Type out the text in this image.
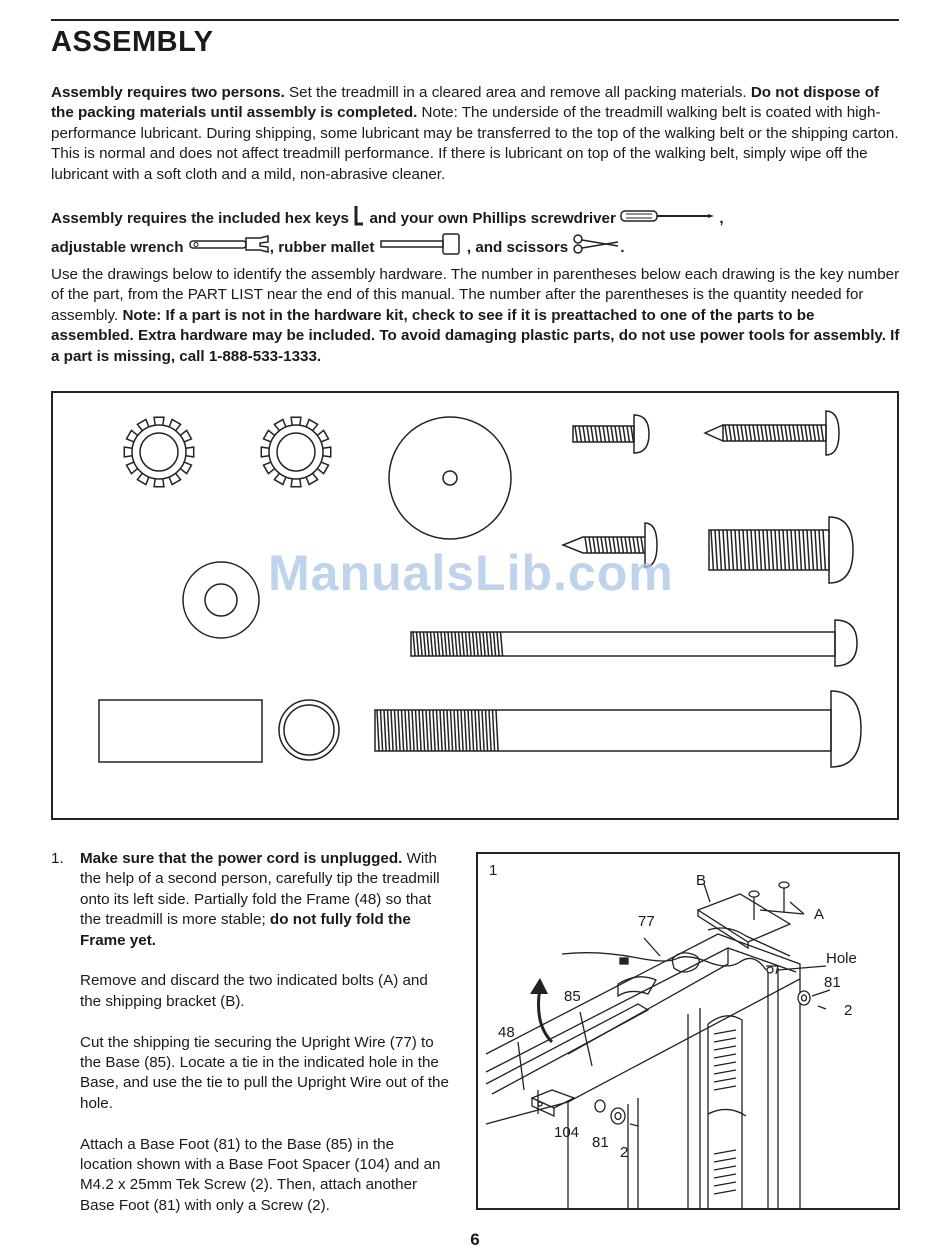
ASSEMBLY

Assembly requires two persons. Set the treadmill in a cleared area and remove all packing materials. Do not dispose of the packing materials until assembly is completed. Note: The underside of the treadmill walking belt is coated with high-performance lubricant. During shipping, some lubricant may be transferred to the top of the walking belt or the shipping carton. This is normal and does not affect treadmill performance. If there is lubricant on top of the walking belt, simply wipe off the lubricant with a soft cloth and a mild, non-abrasive cleaner.

Assembly requires the included hex keys and your own Phillips screwdriver	,
adjustable wrench	, rubber mallet	, and scissors	.

Use the drawings below to identify the assembly hardware. The number in parentheses below each drawing is the key number of the part, from the PART LIST near the end of this manual. The number after the parentheses is the quantity needed for assembly. Note: If a part is not in the hardware kit, check to see if it is preattached to one of the parts to be assembled. Extra hardware may be included. To avoid damaging plastic parts, do not use power tools for assembly. If a part is missing, call 1-888-533-1333.

ManualsLib.com
1. Make sure that the power cord is unplugged. With the help of a second person, carefully tip the treadmill onto its left side. Partially fold the Frame (48) so that the treadmill is more stable; do not fully fold the Frame yet.

Remove and discard the two indicated bolts (A) and the shipping bracket (B).

Cut the shipping tie securing the Upright Wire (77) to the Base (85). Locate a tie in the indicated hole in the Base, and use the tie to pull the Upright Wire out of the hole.

Attach a Base Foot (81) to the Base (85) in the location shown with a Base Foot Spacer (104) and an M4.2 x 25mm Tek Screw (2). Then, attach another Base Foot (81) with only a Screw (2).

1
B
A
77
Hole
81
2
85
48
104
81
2
6
